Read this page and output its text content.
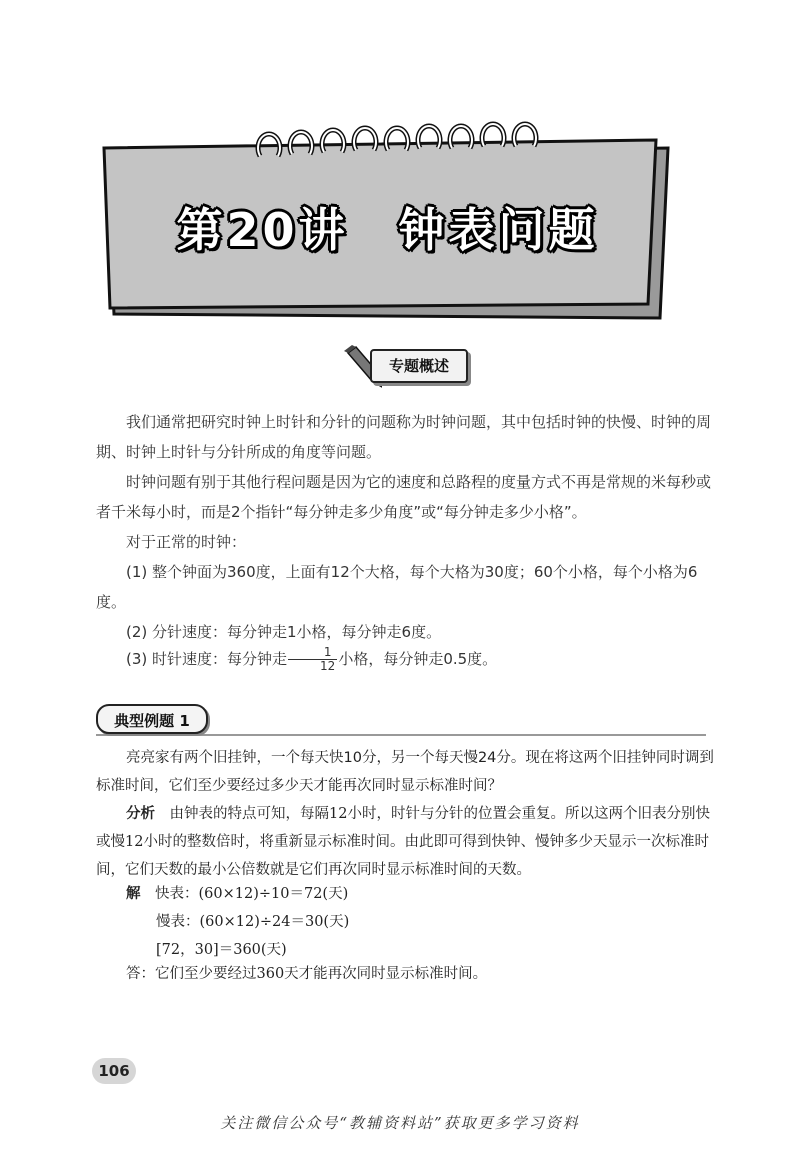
第20讲　钟表问题
专题概述
我们通常把研究时钟上时针和分针的问题称为时钟问题，其中包括时钟的快慢、时钟的周期、时钟上时针与分针所成的角度等问题。
时钟问题有别于其他行程问题是因为它的速度和总路程的度量方式不再是常规的米每秒或者千米每小时，而是2个指针“每分钟走多少角度”或“每分钟走多少小格”。
对于正常的时钟：
(1) 整个钟面为360度，上面有12个大格，每个大格为30度；60个小格，每个小格为6度。
(2) 分针速度：每分钟走1小格，每分钟走6度。
(3) 时针速度：每分钟走 $\frac{1}{12}$ 小格，每分钟走0.5度。
典型例题 1
亮亮家有两个旧挂钟，一个每天快10分，另一个每天慢24分。现在将这两个旧挂钟同时调到标准时间，它们至少要经过多少天才能再次同时显示标准时间？
分析　 由钟表的特点可知，每隔12小时，时针与分针的位置会重复。所以这两个旧表分别快或慢12小时的整数倍时，将重新显示标准时间。由此即可得到快钟、慢钟多少天显示一次标准时间，它们天数的最小公倍数就是它们再次同时显示标准时间的天数。
解　 快表：(60×12)÷10＝72(天)
慢表：(60×12)÷24＝30(天)
[72，30]＝360(天)
答：它们至少要经过360天才能再次同时显示标准时间。
106
关注微信公众号“教辅资料站”获取更多学习资料
